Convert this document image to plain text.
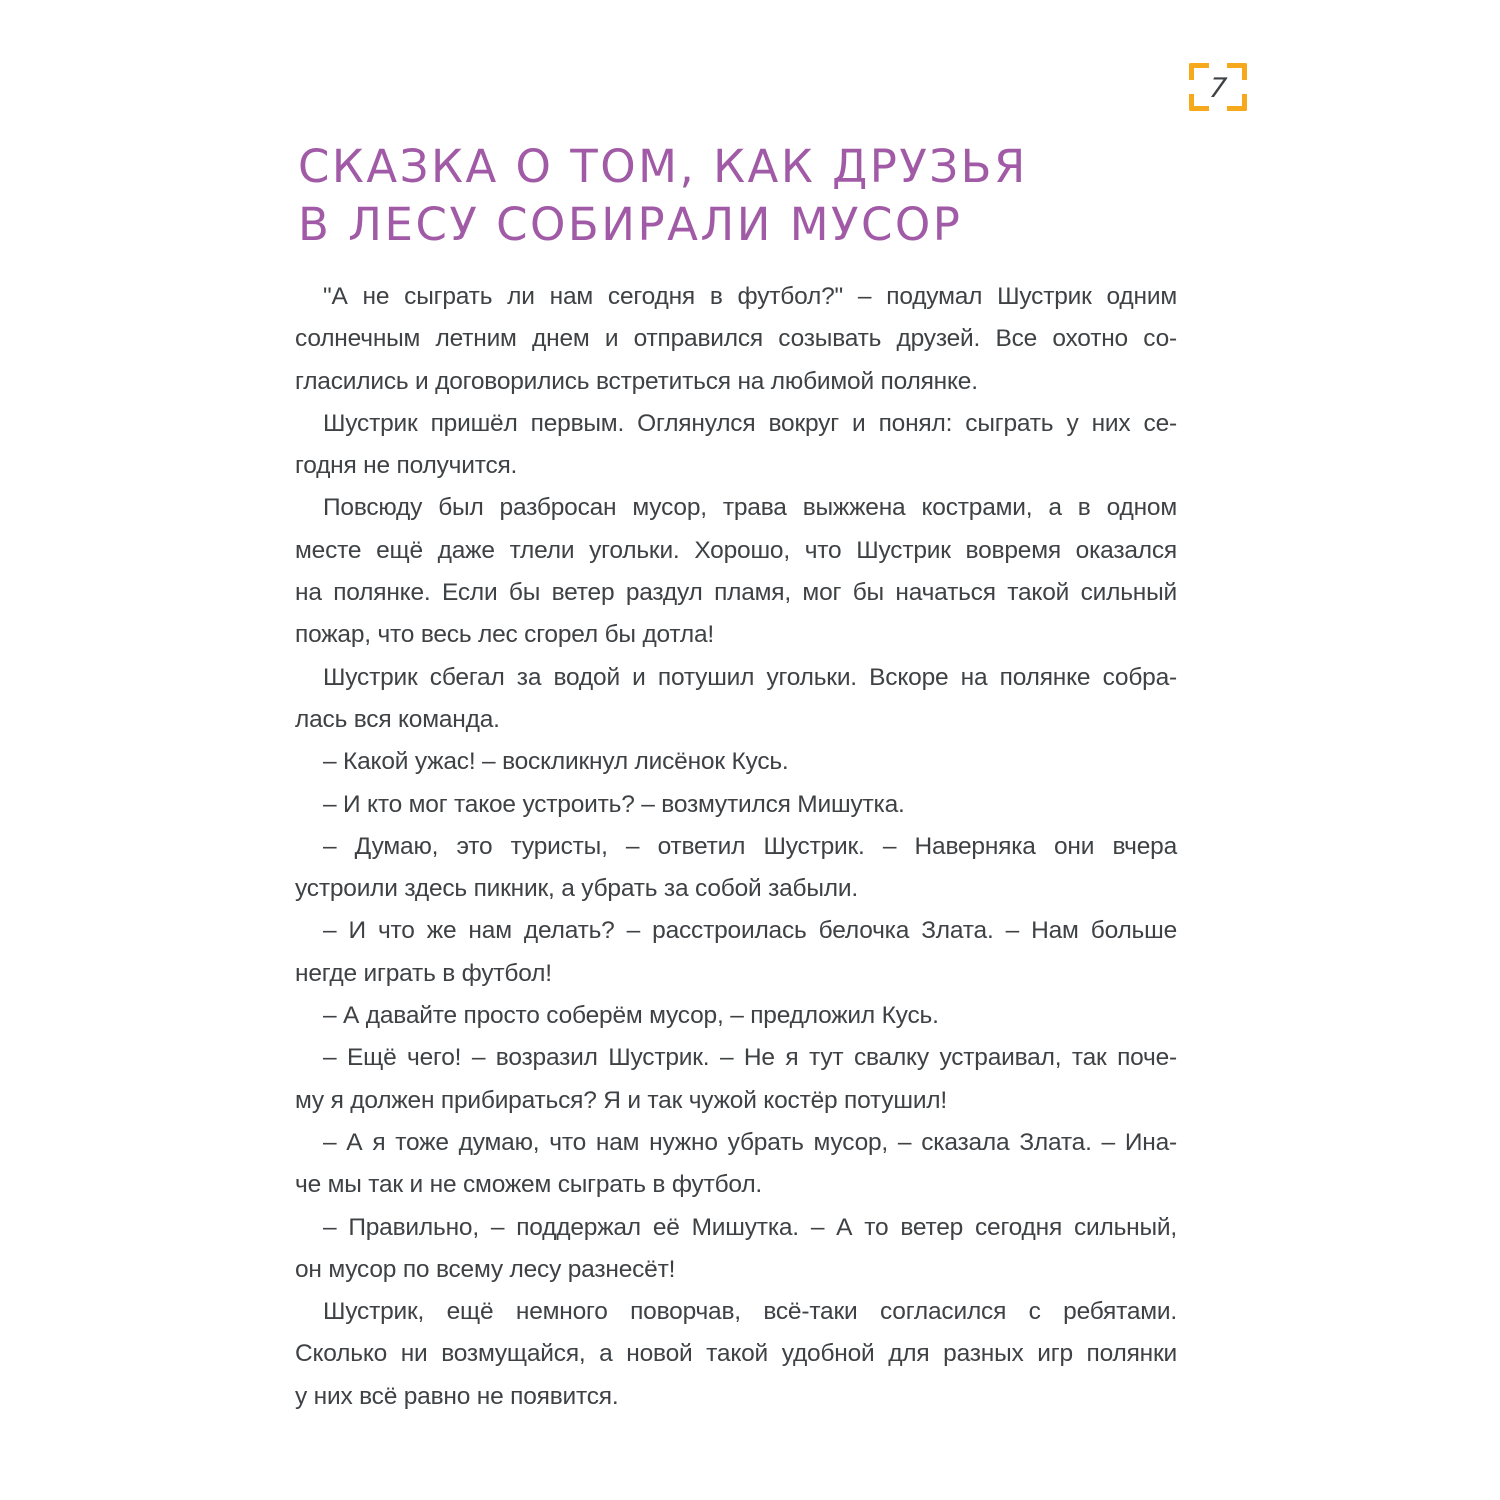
7
СКАЗКА О ТОМ, КАК ДРУЗЬЯ
В ЛЕСУ СОБИРАЛИ МУСОР
"А не сыграть ли нам сегодня в футбол?" – подумал Шустрик одним
солнечным летним днем и отправился созывать друзей. Все охотно со-
гласились и договорились встретиться на любимой полянке.
Шустрик пришёл первым. Оглянулся вокруг и понял: сыграть у них се-
годня не получится.
Повсюду был разбросан мусор, трава выжжена кострами, а в одном
месте ещё даже тлели угольки. Хорошо, что Шустрик вовремя оказался
на полянке. Если бы ветер раздул пламя, мог бы начаться такой сильный
пожар, что весь лес сгорел бы дотла!
Шустрик сбегал за водой и потушил угольки. Вскоре на полянке собра-
лась вся команда.
– Какой ужас! – воскликнул лисёнок Кусь.
– И кто мог такое устроить? – возмутился Мишутка.
– Думаю, это туристы, – ответил Шустрик. – Наверняка они вчера
устроили здесь пикник, а убрать за собой забыли.
– И что же нам делать? – расстроилась белочка Злата. – Нам больше
негде играть в футбол!
– А давайте просто соберём мусор, – предложил Кусь.
– Ещё чего! – возразил Шустрик. – Не я тут свалку устраивал, так поче-
му я должен прибираться? Я и так чужой костёр потушил!
– А я тоже думаю, что нам нужно убрать мусор, – сказала Злата. – Ина-
че мы так и не сможем сыграть в футбол.
– Правильно, – поддержал её Мишутка. – А то ветер сегодня сильный,
он мусор по всему лесу разнесёт!
Шустрик, ещё немного поворчав, всё-таки согласился с ребятами.
Сколько ни возмущайся, а новой такой удобной для разных игр полянки
у них всё равно не появится.
